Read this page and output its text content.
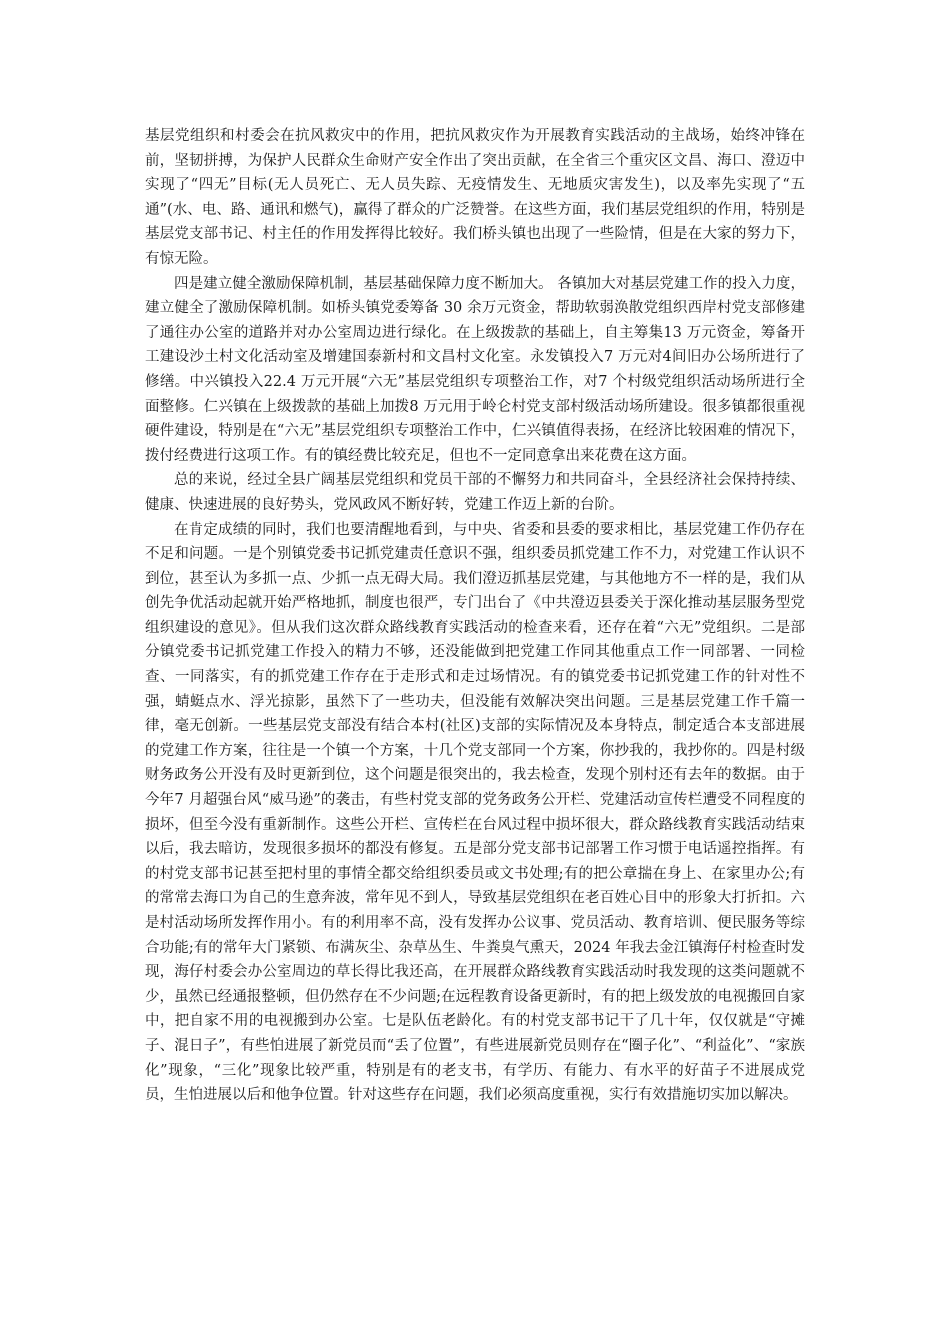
基层党组织和村委会在抗风救灾中的作用，把抗风救灾作为开展教育实践活动的主战场，始终冲锋在前，坚韧拼搏，为保护人民群众生命财产安全作出了突出贡献，在全省三个重灾区文昌、海口、澄迈中实现了“四无”目标(无人员死亡、无人员失踪、无疫情发生、无地质灾害发生)，以及率先实现了“五通”(水、电、路、通讯和燃气)，赢得了群众的广泛赞誉。在这些方面，我们基层党组织的作用，特别是基层党支部书记、村主任的作用发挥得比较好。我们桥头镇也出现了一些险情，但是在大家的努力下，有惊无险。

四是建立健全激励保障机制，基层基础保障力度不断加大。 各镇加大对基层党建工作的投入力度，建立健全了激励保障机制。如桥头镇党委筹备 30 余万元资金，帮助软弱涣散党组织西岸村党支部修建了通往办公室的道路并对办公室周边进行绿化。在上级拨款的基础上，自主筹集13 万元资金，筹备开工建设沙土村文化活动室及增建国泰新村和文昌村文化室。永发镇投入7 万元对4间旧办公场所进行了修缮。中兴镇投入22.4 万元开展“六无”基层党组织专项整治工作，对7 个村级党组织活动场所进行全面整修。仁兴镇在上级拨款的基础上加拨8 万元用于岭仑村党支部村级活动场所建设。很多镇都很重视硬件建设，特别是在“六无”基层党组织专项整治工作中，仁兴镇值得表扬，在经济比较困难的情况下，拨付经费进行这项工作。有的镇经费比较充足，但也不一定同意拿出来花费在这方面。

总的来说，经过全县广阔基层党组织和党员干部的不懈努力和共同奋斗，全县经济社会保持持续、健康、快速进展的良好势头，党风政风不断好转，党建工作迈上新的台阶。

在肯定成绩的同时，我们也要清醒地看到，与中央、省委和县委的要求相比，基层党建工作仍存在不足和问题。一是个别镇党委书记抓党建责任意识不强，组织委员抓党建工作不力，对党建工作认识不到位，甚至认为多抓一点、少抓一点无碍大局。我们澄迈抓基层党建，与其他地方不一样的是，我们从创先争优活动起就开始严格地抓，制度也很严，专门出台了《中共澄迈县委关于深化推动基层服务型党组织建设的意见》。但从我们这次群众路线教育实践活动的检查来看，还存在着“六无”党组织。二是部分镇党委书记抓党建工作投入的精力不够，还没能做到把党建工作同其他重点工作一同部署、一同检查、一同落实，有的抓党建工作存在于走形式和走过场情况。有的镇党委书记抓党建工作的针对性不强，蜻蜓点水、浮光掠影，虽然下了一些功夫，但没能有效解决突出问题。三是基层党建工作千篇一律，毫无创新。一些基层党支部没有结合本村(社区)支部的实际情况及本身特点，制定适合本支部进展的党建工作方案，往往是一个镇一个方案，十几个党支部同一个方案，你抄我的，我抄你的。四是村级财务政务公开没有及时更新到位，这个问题是很突出的，我去检查，发现个别村还有去年的数据。由于今年7 月超强台风“威马逊”的袭击，有些村党支部的党务政务公开栏、党建活动宣传栏遭受不同程度的损坏，但至今没有重新制作。这些公开栏、宣传栏在台风过程中损坏很大，群众路线教育实践活动结束以后，我去暗访，发现很多损坏的都没有修复。五是部分党支部书记部署工作习惯于电话遥控指挥。有的村党支部书记甚至把村里的事情全都交给组织委员或文书处理;有的把公章揣在身上、在家里办公;有的常常去海口为自己的生意奔波，常年见不到人，导致基层党组织在老百姓心目中的形象大打折扣。六是村活动场所发挥作用小。有的利用率不高，没有发挥办公议事、党员活动、教育培训、便民服务等综合功能;有的常年大门紧锁、布满灰尘、杂草丛生、牛粪臭气熏天，2024 年我去金江镇海仔村检查时发现，海仔村委会办公室周边的草长得比我还高，在开展群众路线教育实践活动时我发现的这类问题就不少，虽然已经通报整顿，但仍然存在不少问题;在远程教育设备更新时，有的把上级发放的电视搬回自家中，把自家不用的电视搬到办公室。七是队伍老龄化。有的村党支部书记干了几十年，仅仅就是“守摊子、混日子”，有些怕进展了新党员而“丢了位置”，有些进展新党员则存在“圈子化”、“利益化”、“家族化”现象，“三化”现象比较严重，特别是有的老支书，有学历、有能力、有水平的好苗子不进展成党员，生怕进展以后和他争位置。针对这些存在问题，我们必须高度重视，实行有效措施切实加以解决。
